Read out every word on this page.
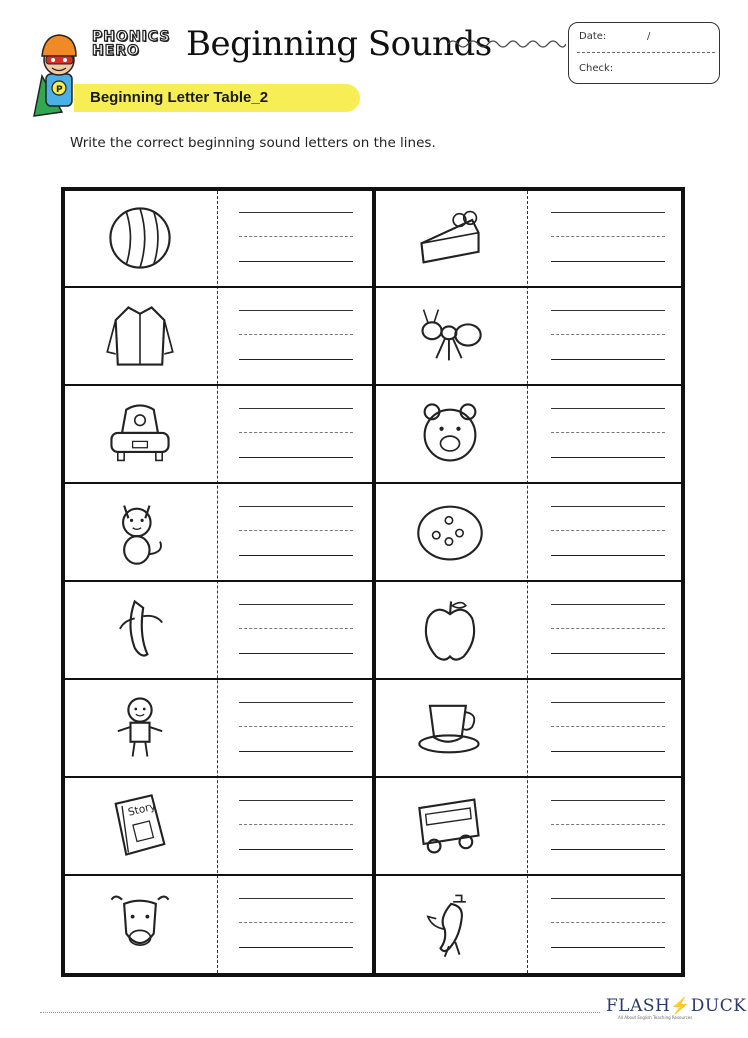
P
PHONICS
HERO	Beginning Sounds	Date:	/
Check:
Beginning Letter Table_2
Write the correct beginning sound letters on the lines.
Story
FLASH⚡DUCK
All About English Teaching Resources
